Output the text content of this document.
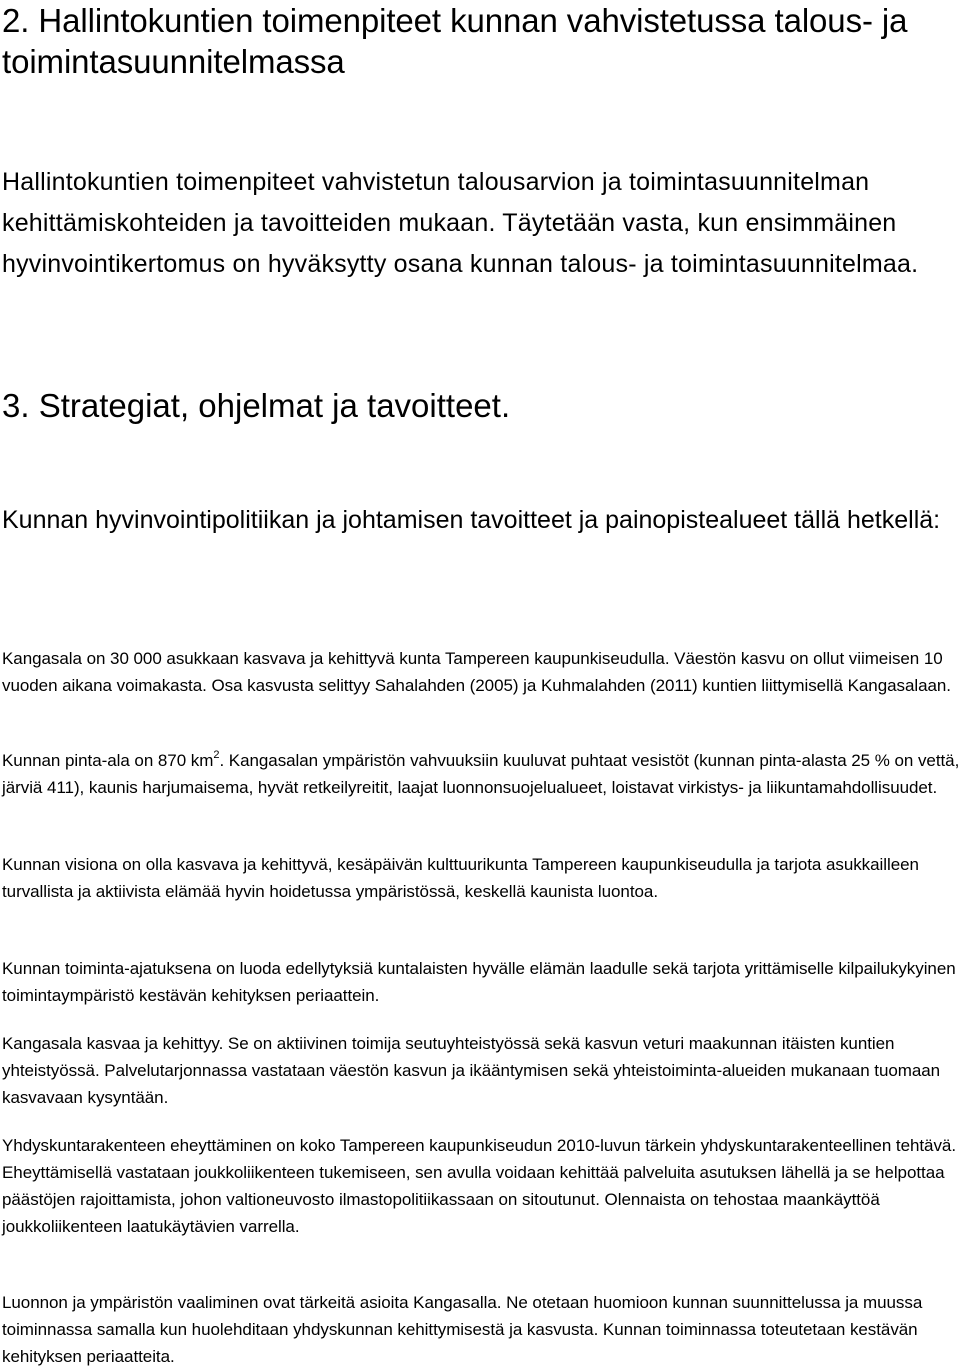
2. Hallintokuntien toimenpiteet kunnan vahvistetussa talous- ja toimintasuunnitelmassa

Hallintokuntien toimenpiteet vahvistetun talousarvion ja toimintasuunnitelman kehittämiskohteiden ja tavoitteiden mukaan. Täytetään vasta, kun ensimmäinen hyvinvointikertomus on hyväksytty osana kunnan talous- ja toimintasuunnitelmaa.

3. Strategiat, ohjelmat ja tavoitteet.
Kunnan hyvinvointipolitiikan ja johtamisen tavoitteet ja painopistealueet tällä hetkellä:

Kangasala on 30 000 asukkaan kasvava ja kehittyvä kunta Tampereen kaupunkiseudulla. Väestön kasvu on ollut viimeisen 10 vuoden aikana voimakasta. Osa kasvusta selittyy Sahalahden (2005) ja Kuhmalahden (2011) kuntien liittymisellä Kangasalaan.

Kunnan pinta-ala on 870 $km^2$. Kangasalan ympäristön vahvuuksiin kuuluvat puhtaat vesistöt (kunnan pinta-alasta 25 % on vettä, järviä 411), kaunis harjumaisema, hyvät retkeilyreitit, laajat luonnonsuojelualueet, loistavat virkistys- ja liikuntamahdollisuudet.

Kunnan visiona on olla kasvava ja kehittyvä, kesäpäivän kulttuurikunta Tampereen kaupunkiseudulla ja tarjota asukkailleen turvallista ja aktiivista elämää hyvin hoidetussa ympäristössä, keskellä kaunista luontoa.

Kunnan toiminta-ajatuksena on luoda edellytyksiä kuntalaisten hyvälle elämän laadulle sekä tarjota yrittämiselle kilpailukykyinen toimintaympäristö kestävän kehityksen periaattein.

Kangasala kasvaa ja kehittyy. Se on aktiivinen toimija seutuyhteistyössä sekä kasvun veturi maakunnan itäisten kuntien yhteistyössä. Palvelutarjonnassa vastataan väestön kasvun ja ikääntymisen sekä yhteistoiminta-alueiden mukanaan tuomaan kasvavaan kysyntään.

Yhdyskuntarakenteen eheyttäminen on koko Tampereen kaupunkiseudun 2010-luvun tärkein yhdyskuntarakenteellinen tehtävä. Eheyttämisellä vastataan joukkoliikenteen tukemiseen, sen avulla voidaan kehittää palveluita asutuksen lähellä ja se helpottaa päästöjen rajoittamista, johon valtioneuvosto ilmastopolitiikassaan on sitoutunut. Olennaista on tehostaa maankäyttöä joukkoliikenteen laatukäytävien varrella.

Luonnon ja ympäristön vaaliminen ovat tärkeitä asioita Kangasalla. Ne otetaan huomioon kunnan suunnittelussa ja muussa toiminnassa samalla kun huolehditaan yhdyskunnan kehittymisestä ja kasvusta. Kunnan toiminnassa toteutetaan kestävän kehityksen periaatteita.
